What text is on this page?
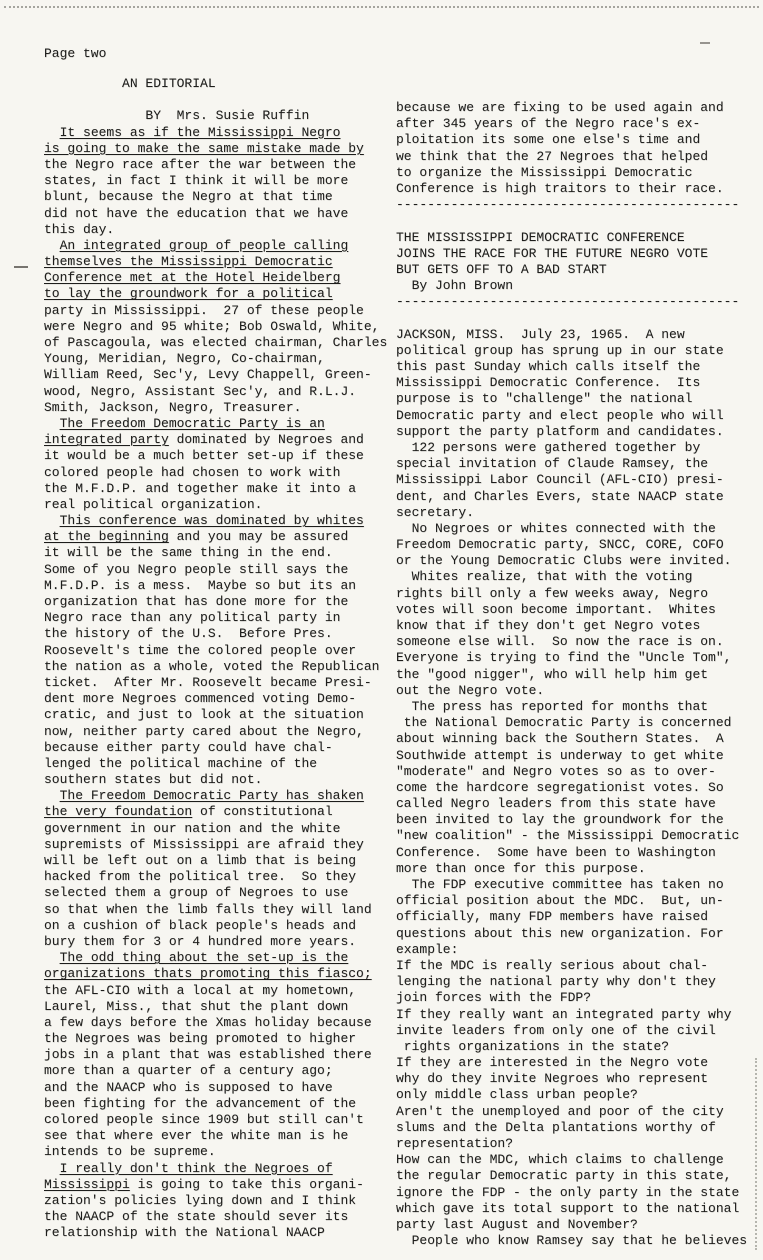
Page two
AN EDITORIAL

BY  Mrs. Susie Ruffin
It seems as if the Mississippi Negro
is going to make the same mistake made by
the Negro race after the war between the
states, in fact I think it will be more
blunt, because the Negro at that time
did not have the education that we have
this day.
An integrated group of people calling
themselves the Mississippi Democratic
Conference met at the Hotel Heidelberg
to lay the groundwork for a political
party in Mississippi.  27 of these people
were Negro and 95 white; Bob Oswald, White,
of Pascagoula, was elected chairman, Charles
Young, Meridian, Negro, Co-chairman,
William Reed, Sec'y, Levy Chappell, Green-
wood, Negro, Assistant Sec'y, and R.L.J.
Smith, Jackson, Negro, Treasurer.
The Freedom Democratic Party is an
integrated party dominated by Negroes and
it would be a much better set-up if these
colored people had chosen to work with
the M.F.D.P. and together make it into a
real political organization.
This conference was dominated by whites
at the beginning and you may be assured
it will be the same thing in the end.
Some of you Negro people still says the
M.F.D.P. is a mess.  Maybe so but its an
organization that has done more for the
Negro race than any political party in
the history of the U.S.  Before Pres.
Roosevelt's time the colored people over
the nation as a whole, voted the Republican
ticket.  After Mr. Roosevelt became Presi-
dent more Negroes commenced voting Demo-
cratic, and just to look at the situation
now, neither party cared about the Negro,
because either party could have chal-
lenged the political machine of the
southern states but did not.
The Freedom Democratic Party has shaken
the very foundation of constitutional
government in our nation and the white
supremists of Mississippi are afraid they
will be left out on a limb that is being
hacked from the political tree.  So they
selected them a group of Negroes to use
so that when the limb falls they will land
on a cushion of black people's heads and
bury them for 3 or 4 hundred more years.
The odd thing about the set-up is the
organizations thats promoting this fiasco;
the AFL-CIO with a local at my hometown,
Laurel, Miss., that shut the plant down
a few days before the Xmas holiday because
the Negroes was being promoted to higher
jobs in a plant that was established there
more than a quarter of a century ago;
and the NAACP who is supposed to have
been fighting for the advancement of the
colored people since 1909 but still can't
see that where ever the white man is he
intends to be supreme.
I really don't think the Negroes of
Mississippi is going to take this organi-
zation's policies lying down and I think
the NAACP of the state should sever its
relationship with the National NAACP
because we are fixing to be used again and
after 345 years of the Negro race's ex-
ploitation its some one else's time and
we think that the 27 Negroes that helped
to organize the Mississippi Democratic
Conference is high traitors to their race.
--------------------------------------------

THE MISSISSIPPI DEMOCRATIC CONFERENCE
JOINS THE RACE FOR THE FUTURE NEGRO VOTE
BUT GETS OFF TO A BAD START
By John Brown
--------------------------------------------

JACKSON, MISS.  July 23, 1965.  A new
political group has sprung up in our state
this past Sunday which calls itself the
Mississippi Democratic Conference.  Its
purpose is to "challenge" the national
Democratic party and elect people who will
support the party platform and candidates.
122 persons were gathered together by
special invitation of Claude Ramsey, the
Mississippi Labor Council (AFL-CIO) presi-
dent, and Charles Evers, state NAACP state
secretary.
No Negroes or whites connected with the
Freedom Democratic party, SNCC, CORE, COFO
or the Young Democratic Clubs were invited.
Whites realize, that with the voting
rights bill only a few weeks away, Negro
votes will soon become important.  Whites
know that if they don't get Negro votes
someone else will.  So now the race is on.
Everyone is trying to find the "Uncle Tom",
the "good nigger", who will help him get
out the Negro vote.
The press has reported for months that
the National Democratic Party is concerned
about winning back the Southern States.  A
Southwide attempt is underway to get white
"moderate" and Negro votes so as to over-
come the hardcore segregationist votes. So
called Negro leaders from this state have
been invited to lay the groundwork for the
"new coalition" - the Mississippi Democratic
Conference.  Some have been to Washington
more than once for this purpose.
The FDP executive committee has taken no
official position about the MDC.  But, un-
officially, many FDP members have raised
questions about this new organization. For
example:
If the MDC is really serious about chal-
lenging the national party why don't they
join forces with the FDP?
If they really want an integrated party why
invite leaders from only one of the civil
rights organizations in the state?
If they are interested in the Negro vote
why do they invite Negroes who represent
only middle class urban people?
Aren't the unemployed and poor of the city
slums and the Delta plantations worthy of
representation?
How can the MDC, which claims to challenge
the regular Democratic party in this state,
ignore the FDP - the only party in the state
which gave its total support to the national
party last August and November?
People who know Ramsey say that he believes
